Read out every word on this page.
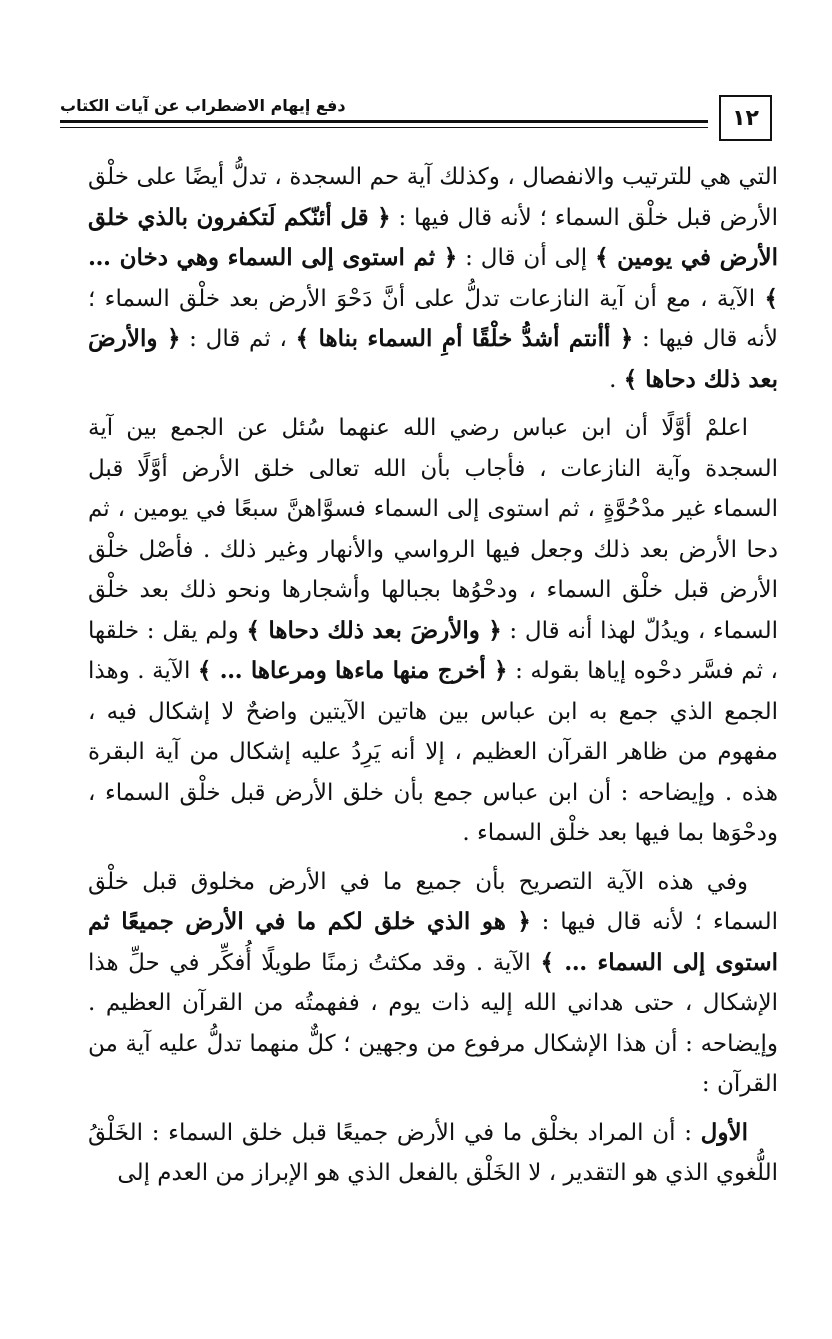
١٢
دفع إيهام الاضطراب عن آيات الكتاب

التي هي للترتيب والانفصال ، وكذلك آية حم السجدة ، تدلُّ أيضًا على خلْق الأرض قبل خلْق السماء ؛ لأنه قال فيها : ﴿ قل أئنّكم لَتكفرون بالذي خلق الأرض في يومين ﴾ إلى أن قال : ﴿ ثم استوى إلى السماء وهي دخان … ﴾ الآية ، مع أن آية النازعات تدلُّ على أنَّ دَحْوَ الأرض بعد خلْق السماء ؛ لأنه قال فيها : ﴿ أأنتم أشدُّ خلْقًا أمِ السماء بناها ﴾ ، ثم قال : ﴿ والأرضَ بعد ذلك دحاها ﴾ .

اعلمْ أوَّلًا أن ابن عباس رضي الله عنهما سُئل عن الجمع بين آية السجدة وآية النازعات ، فأجاب بأن الله تعالى خلق الأرض أوَّلًا قبل السماء غير مدْحُوَّةٍ ، ثم استوى إلى السماء فسوَّاهنَّ سبعًا في يومين ، ثم دحا الأرض بعد ذلك وجعل فيها الرواسي والأنهار وغير ذلك . فأصْل خلْق الأرض قبل خلْق السماء ، ودحْوُها بجبالها وأشجارها ونحو ذلك بعد خلْق السماء ، ويدُلّ لهذا أنه قال : ﴿ والأرضَ بعد ذلك دحاها ﴾ ولم يقل : خلقها ، ثم فسَّر دحْوه إياها بقوله : ﴿ أخرج منها ماءها ومرعاها … ﴾ الآية . وهذا الجمع الذي جمع به ابن عباس بين هاتين الآيتين واضحٌ لا إشكال فيه ، مفهوم من ظاهر القرآن العظيم ، إلا أنه يَرِدُ عليه إشكال من آية البقرة هذه . وإيضاحه : أن ابن عباس جمع بأن خلق الأرض قبل خلْق السماء ، ودحْوَها بما فيها بعد خلْق السماء .

وفي هذه الآية التصريح بأن جميع ما في الأرض مخلوق قبل خلْق السماء ؛ لأنه قال فيها : ﴿ هو الذي خلق لكم ما في الأرض جميعًا ثم استوى إلى السماء … ﴾ الآية . وقد مكثتُ زمنًا طويلًا أُفكِّر في حلِّ هذا الإشكال ، حتى هداني الله إليه ذات يوم ، ففهمتُه من القرآن العظيم . وإيضاحه : أن هذا الإشكال مرفوع من وجهين ؛ كلٌّ منهما تدلُّ عليه آية من القرآن :

الأول : أن المراد بخلْق ما في الأرض جميعًا قبل خلق السماء : الخَلْقُ اللُّغوي الذي هو التقدير ، لا الخَلْق بالفعل الذي هو الإبراز من العدم إلى
